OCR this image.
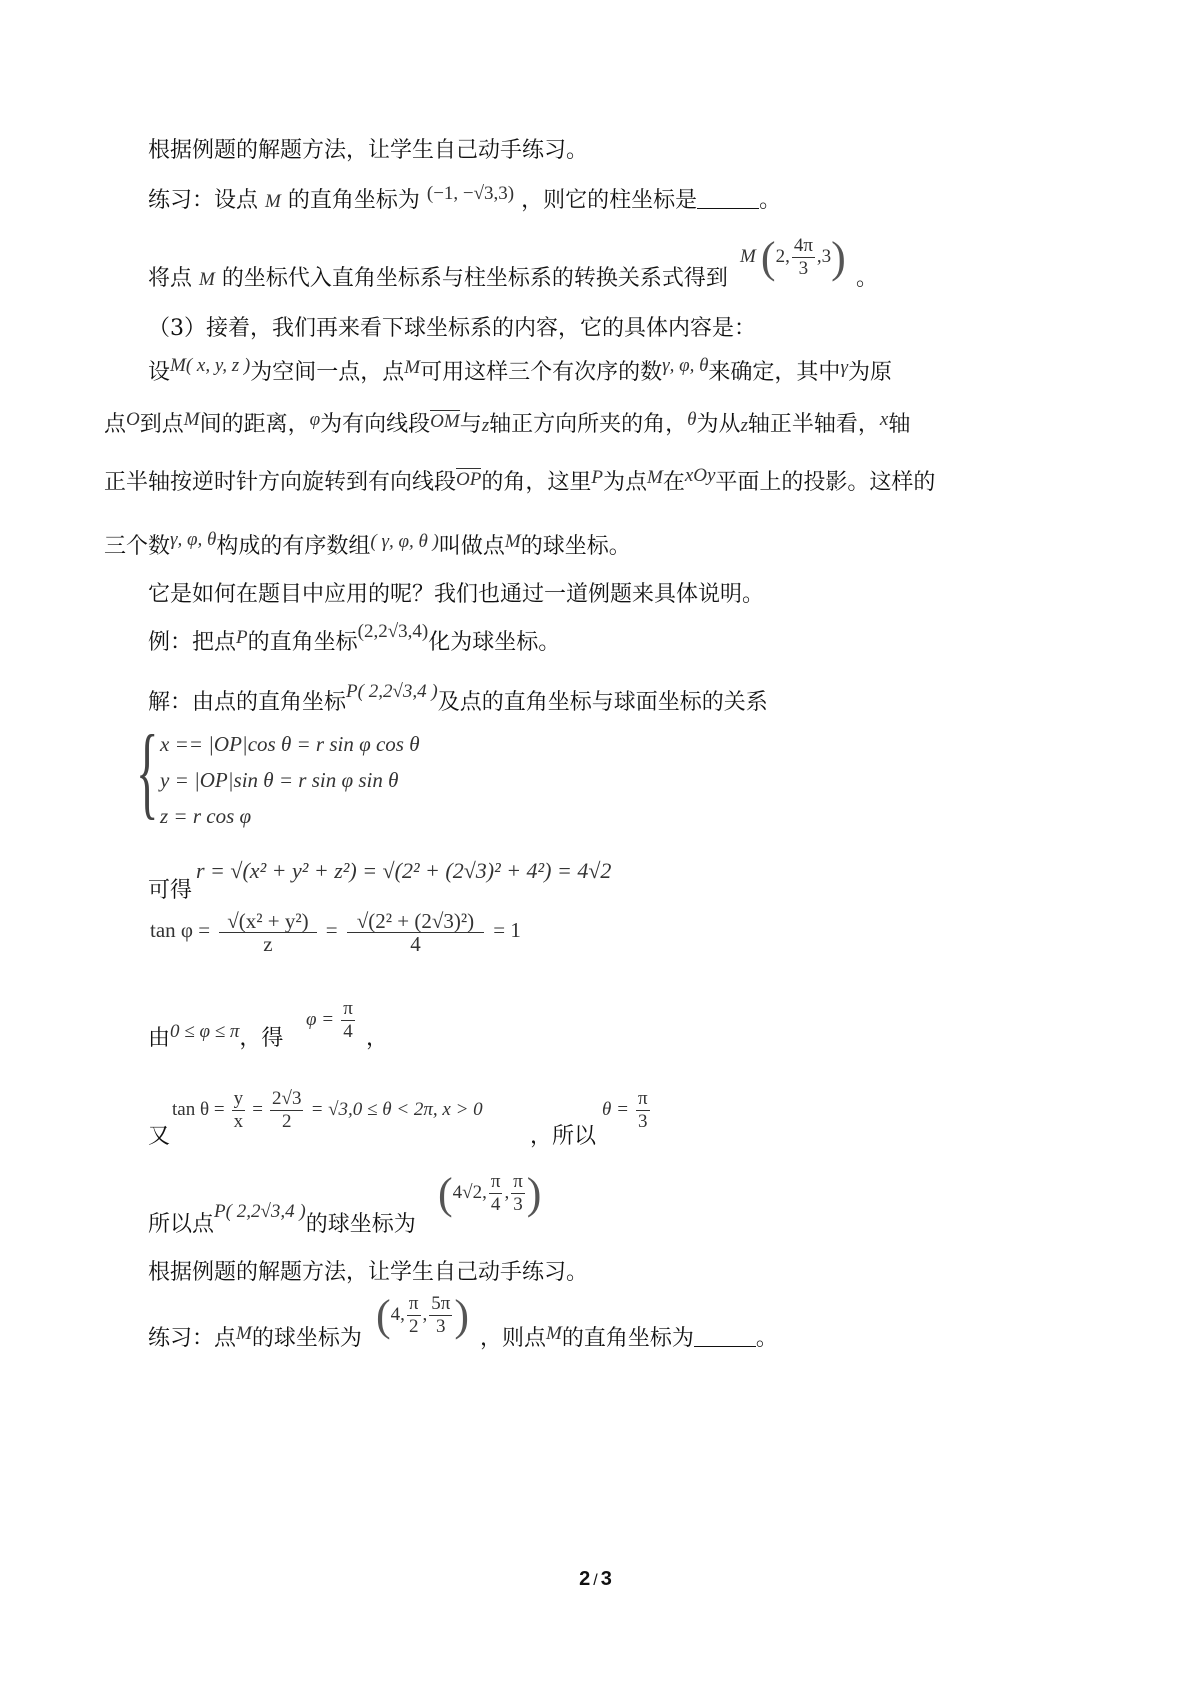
根据例题的解题方法，让学生自己动手练习。
练习：设点 M 的直角坐标为 (−1, −√3,3) ，则它的柱坐标是	。
将点 M 的坐标代入直角坐标系与柱坐标系的转换关系式得到
M (2, $\frac{4\pi}{3} ,3$) 。
（3）接着，我们再来看下球坐标系的内容，它的具体内容是：
设M( x, y, z )为空间一点，点M可用这样三个有次序的数γ, φ, θ来确定，其中γ为原
点O到点M间的距离，φ为有向线段OM与z轴正方向所夹的角，θ为从z轴正半轴看，x轴
正半轴按逆时针方向旋转到有向线段OP的角，这里P为点M在xOy平面上的投影。这样的
三个数γ, φ, θ构成的有序数组( γ, φ, θ )叫做点M的球坐标。
它是如何在题目中应用的呢？我们也通过一道例题来具体说明。
例：把点P的直角坐标(2,2√3,4)化为球坐标。
解：由点的直角坐标P( 2,2√3,4 )及点的直角坐标与球面坐标的关系
{ x == |OP|cos θ = r sin φ cos θ
y = |OP|sin θ = r sin φ sin θ
z = r cos φ
可得
r = √(x² + y² + z²) = √(2² + (2√3)² + 4²) = 4√2
$\tan \varphi = \frac{\text{√(x² + y²)}}{z} = \frac{\text{√(2² + (2√3)²)}}{4} = 1$
由0 ≤ φ ≤ π，得
$\varphi = \frac{\pi}{4}$ ，
又
$\tan \theta = \frac{y}{x} = \frac{2√3}{2} = √3,0 \le \theta < 2\pi$, x > 0
，所以
$\theta = \frac{\pi}{3}$
所以点P( 2,2√3,4 )的球坐标为
(4√2, $\frac{\pi}{4}$ , $\frac{\pi}{3}$ )
根据例题的解题方法，让学生自己动手练习。
练习：点M的球坐标为 (4, $\frac{\pi}{2}$ , $\frac{5\pi}{3}$ ) ，则点M的直角坐标为	。
2 / 3
